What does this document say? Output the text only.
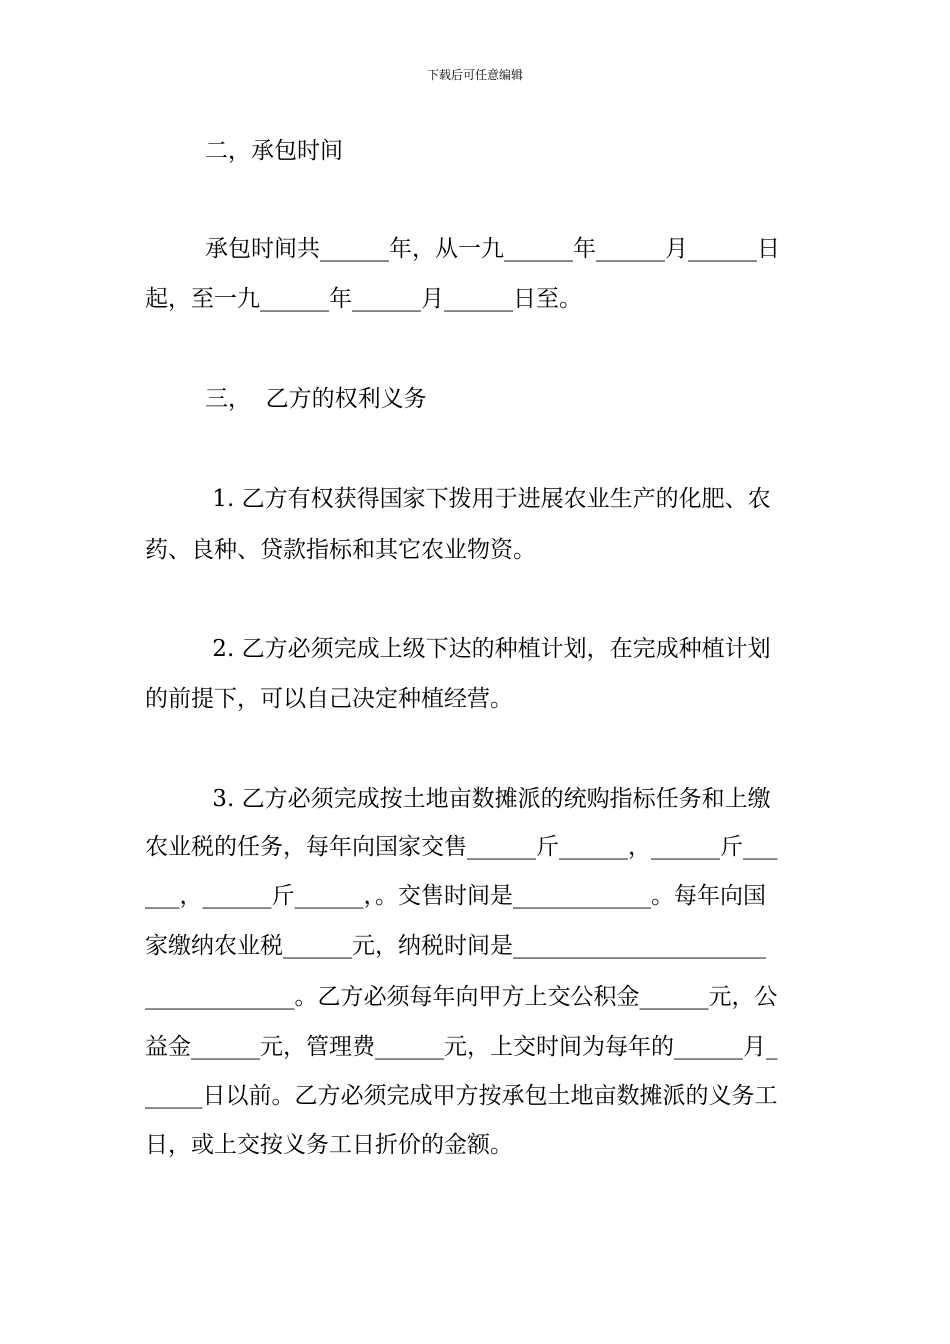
下载后可任意编辑
二，承包时间
承包时间共______年，从一九______年______月______日
起，至一九______年______月______日至。
三，  乙方的权利义务
1. 乙方有权获得国家下拨用于进展农业生产的化肥、农
药、良种、贷款指标和其它农业物资。
2. 乙方必须完成上级下达的种植计划，在完成种植计划
的前提下，可以自己决定种植经营。
3. 乙方必须完成按土地亩数摊派的统购指标任务和上缴
农业税的任务，每年向国家交售______斤______，______斤___
___，______斤______，。交售时间是____________。每年向国
家缴纳农业税______元，纳税时间是______________________
_____________。乙方必须每年向甲方上交公积金______元，公
益金______元，管理费______元，上交时间为每年的______月_
_____日以前。乙方必须完成甲方按承包土地亩数摊派的义务工
日，或上交按义务工日折价的金额。
